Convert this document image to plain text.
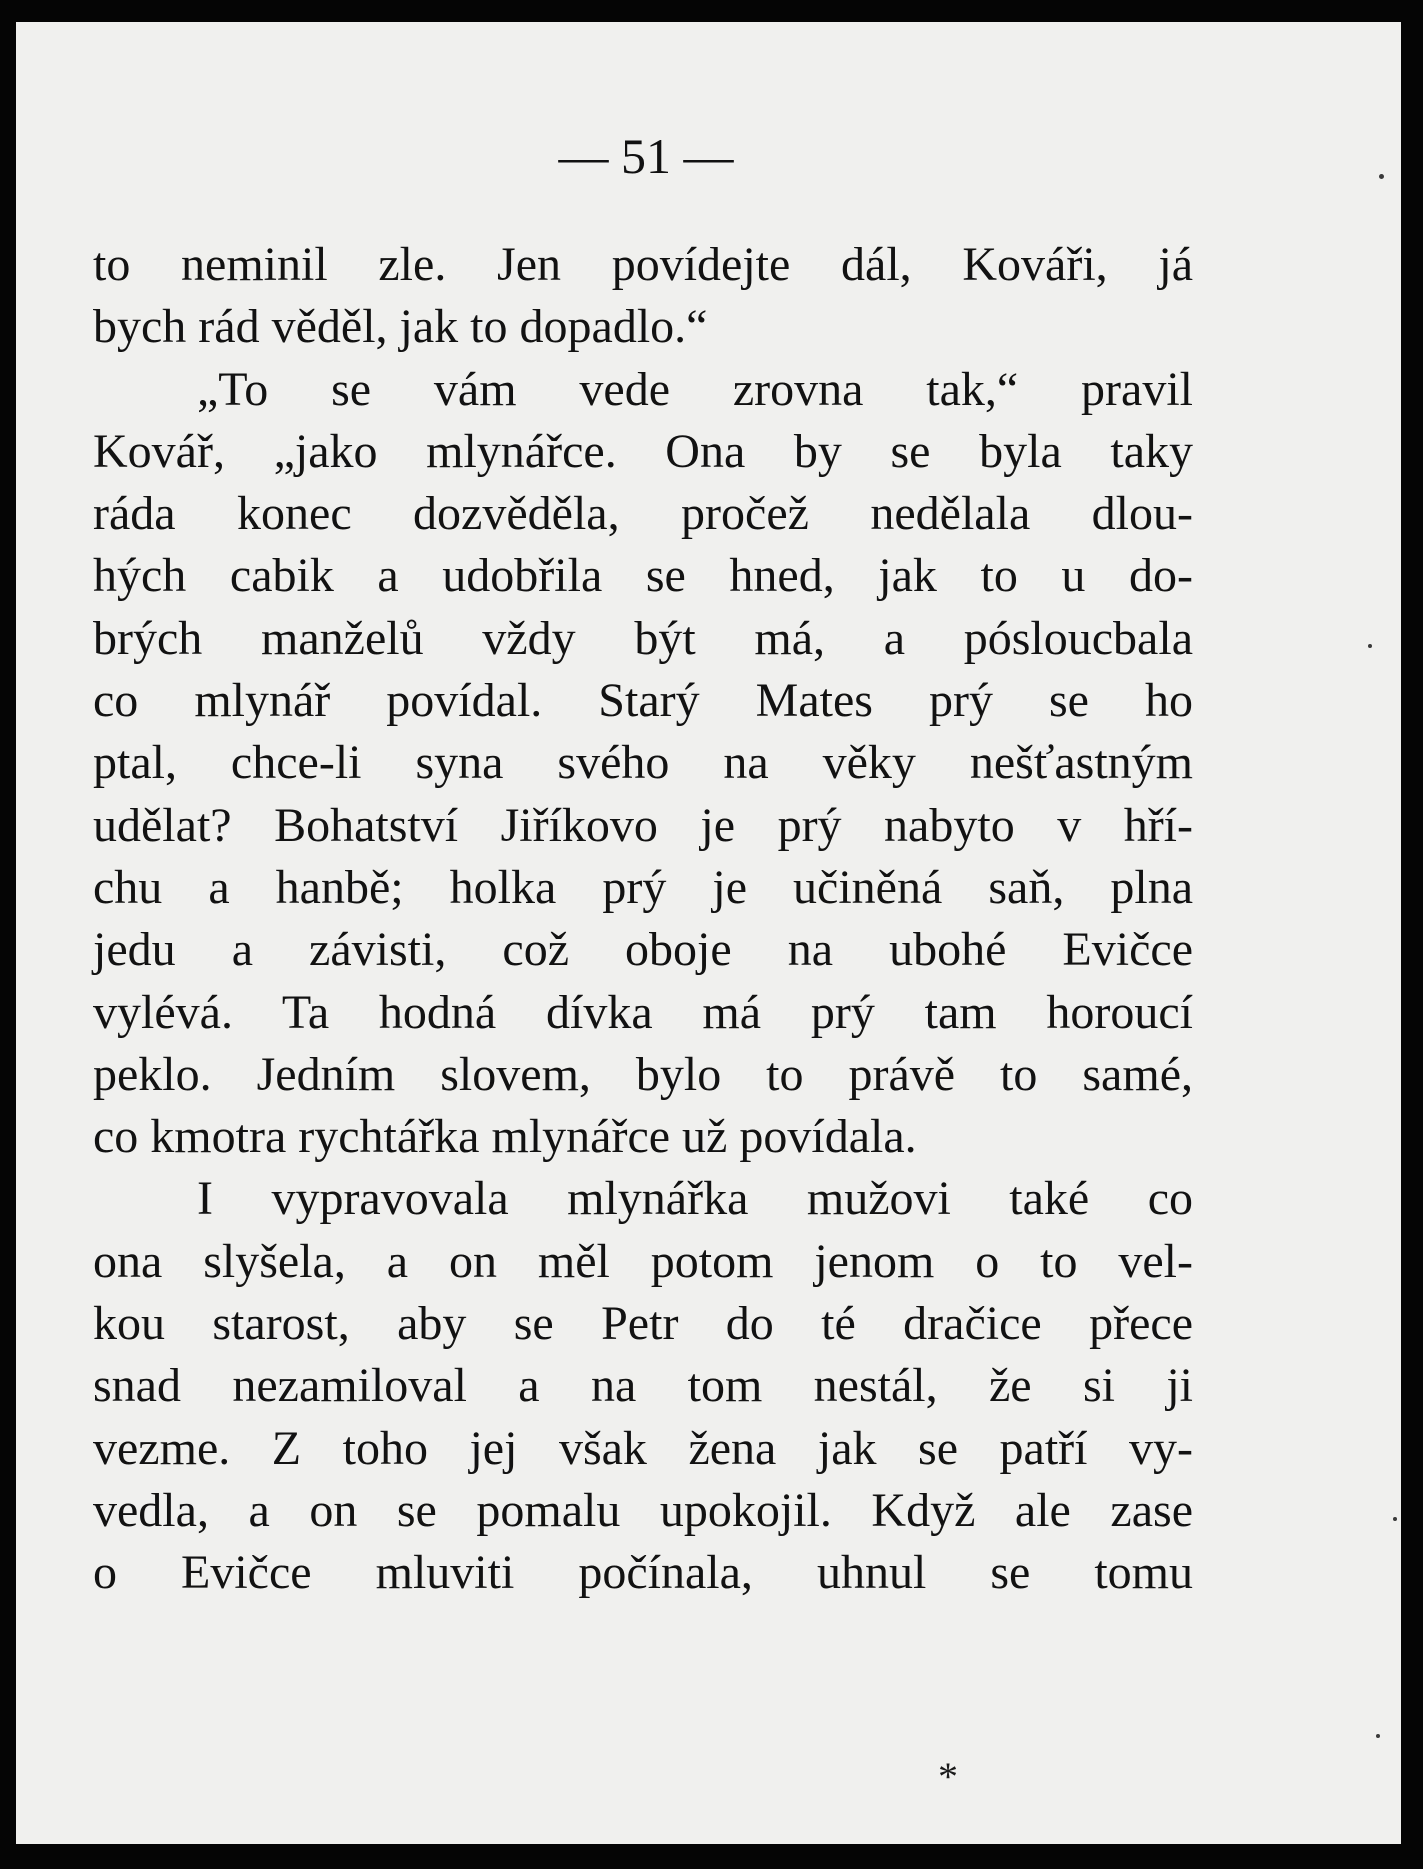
— 51 —

to neminil zle. Jen povídejte dál, Kováři, já
bych rád věděl, jak to dopadlo.“
„To se vám vede zrovna tak,“ pravil
Kovář, „jako mlynářce. Ona by se byla taky
ráda konec dozvěděla, pročež nedělala dlou-
hých cabik a udobřila se hned, jak to u do-
brých manželů vždy být má, a pósloucbala
co mlynář povídal. Starý Mates prý se ho
ptal, chce-li syna svého na věky nešťastným
udělat? Bohatství Jiříkovo je prý nabyto v hří-
chu a hanbě; holka prý je učiněná saň, plna
jedu a závisti, což oboje na ubohé Evičce
vylévá. Ta hodná dívka má prý tam horoucí
peklo. Jedním slovem, bylo to právě to samé,
co kmotra rychtářka mlynářce už povídala.
I vypravovala mlynářka mužovi také co
ona slyšela, a on měl potom jenom o to vel-
kou starost, aby se Petr do té dračice přece
snad nezamiloval a na tom nestál, že si ji
vezme. Z toho jej však žena jak se patří vy-
vedla, a on se pomalu upokojil. Když ale zase
o Evičce mluviti počínala, uhnul se tomu
*
